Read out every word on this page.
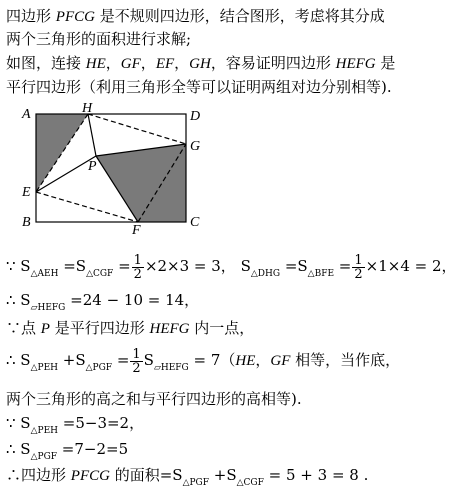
四边形 PFCG 是不规则四边形，结合图形，考虑将其分成
两个三角形的面积进行求解;
如图，连接 HE，GF，EF，GH，容易证明四边形 HEFG 是
平行四边形（利用三角形全等可以证明两组对边分别相等).
A	H
D
G
P
E
B	C
F
∵ $S_{\triangle AEH} =S_{\triangle CGF} = \frac{1}{2} \times 2\times 3 = 3$， $S_{\triangle DHG} =S_{\triangle BFE} = \frac{1}{2} \times 1\times 4 = 2$，
∴ $S_{▱HEFG} =24 - 10 = 14$，
∵点 P 是平行四边形 HEFG 内一点，
∴ $S_{\triangle PEH} +S_{\triangle PGF} = \frac{1}{2} S_{▱HEFG} = 7(HE$，GF 相等，当作底，
两个三角形的高之和与平行四边形的高相等).
∵ $S_{\triangle PEH} =5-3=2$，
∴ $S_{\triangle PGF} =7-2=5$
∴四边形 PFCG 的面积$=S_{\triangle PGF} +S_{\triangle CGF} = 5 + 3 = 8$ .
